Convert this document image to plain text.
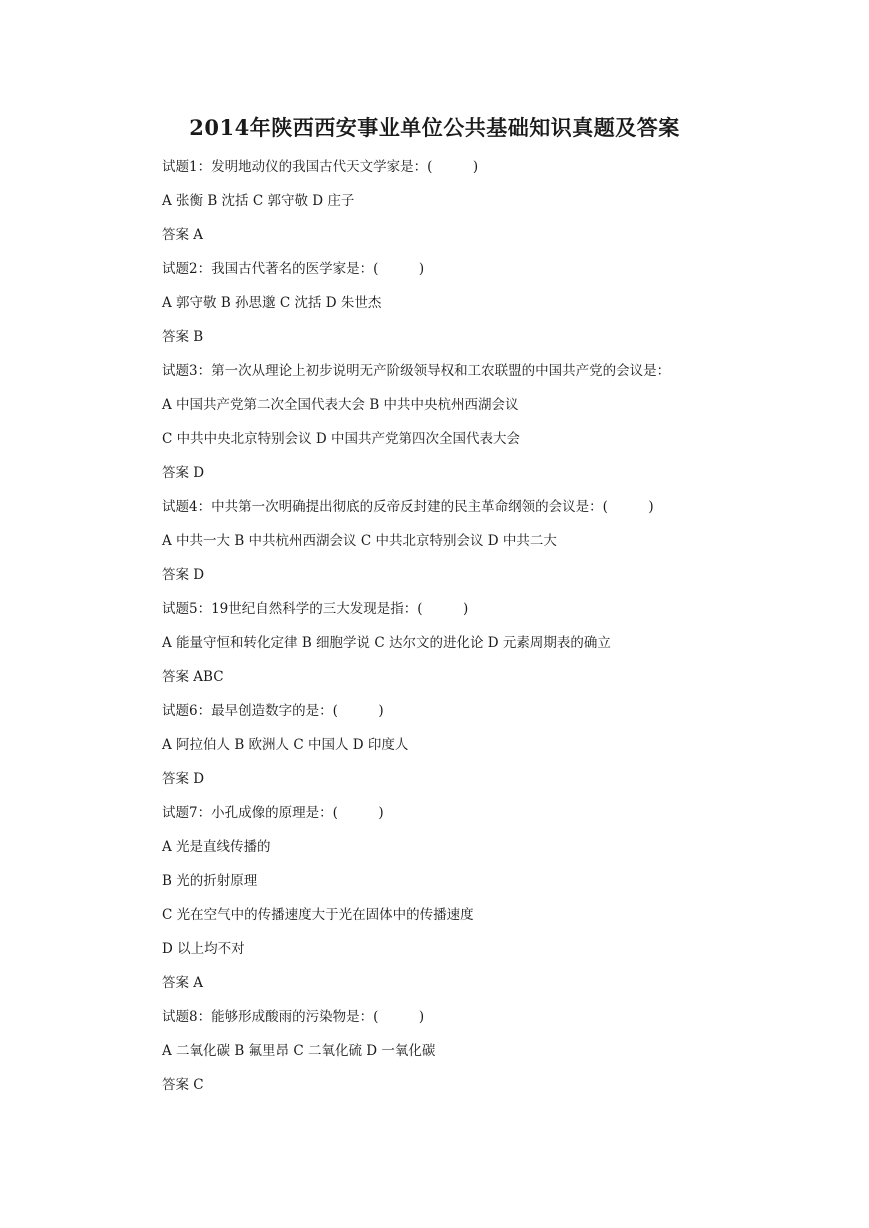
2014年陕西西安事业单位公共基础知识真题及答案
试题1：发明地动仪的我国古代天文学家是：(　　　)
A 张衡 B 沈括 C 郭守敬 D 庄子
答案 A
试题2：我国古代著名的医学家是：(　　　)
A 郭守敬 B 孙思邈 C 沈括 D 朱世杰
答案 B
试题3：第一次从理论上初步说明无产阶级领导权和工农联盟的中国共产党的会议是：
A 中国共产党第二次全国代表大会 B 中共中央杭州西湖会议
C 中共中央北京特别会议 D 中国共产党第四次全国代表大会
答案 D
试题4：中共第一次明确提出彻底的反帝反封建的民主革命纲领的会议是：(　　　)
A 中共一大 B 中共杭州西湖会议 C 中共北京特别会议 D 中共二大
答案 D
试题5：19世纪自然科学的三大发现是指：(　　　)
A 能量守恒和转化定律 B 细胞学说 C 达尔文的进化论 D 元素周期表的确立
答案 ABC
试题6：最早创造数字的是：(　　　)
A 阿拉伯人 B 欧洲人 C 中国人 D 印度人
答案 D
试题7：小孔成像的原理是：(　　　)
A 光是直线传播的
B 光的折射原理
C 光在空气中的传播速度大于光在固体中的传播速度
D 以上均不对
答案 A
试题8：能够形成酸雨的污染物是：(　　　)
A 二氧化碳 B 氟里昂 C 二氧化硫 D 一氧化碳
答案 C
